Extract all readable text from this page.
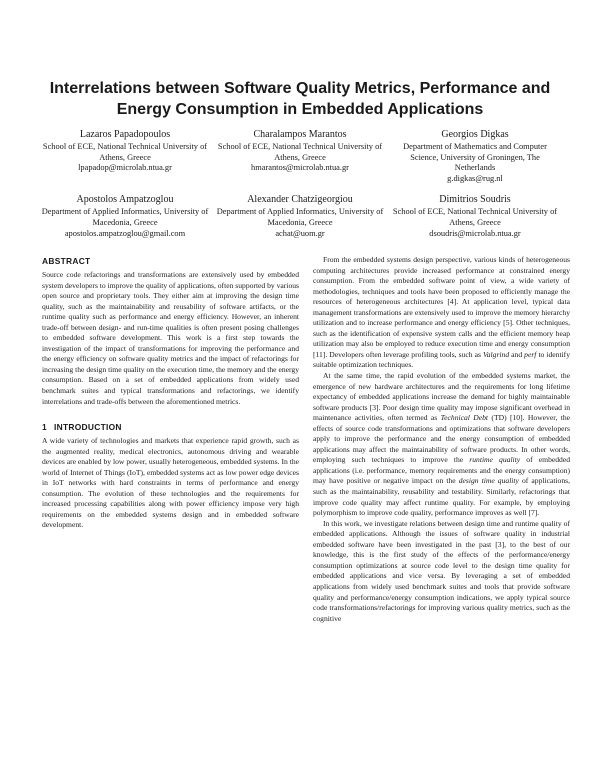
Interrelations between Software Quality Metrics, Performance and Energy Consumption in Embedded Applications
Lazaros Papadopoulos
School of ECE, National Technical University of Athens, Greece
lpapadop@microlab.ntua.gr
Charalampos Marantos
School of ECE, National Technical University of Athens, Greece
hmarantos@microlab.ntua.gr
Georgios Digkas
Department of Mathematics and Computer Science, University of Groningen, The Netherlands
g.digkas@rug.nl
Apostolos Ampatzoglou
Department of Applied Informatics, University of Macedonia, Greece
apostolos.ampatzoglou@gmail.com
Alexander Chatzigeorgiou
Department of Applied Informatics, University of Macedonia, Greece
achat@uom.gr
Dimitrios Soudris
School of ECE, National Technical University of Athens, Greece
dsoudris@microlab.ntua.gr
ABSTRACT

Source code refactorings and transformations are extensively used by embedded system developers to improve the quality of applications, often supported by various open source and proprietary tools. They either aim at improving the design time quality, such as the maintainability and reusability of software artifacts, or the runtime quality such as performance and energy efficiency. However, an inherent trade-off between design- and run-time qualities is often present posing challenges to embedded software development. This work is a first step towards the investigation of the impact of transformations for improving the performance and the energy efficiency on software quality metrics and the impact of refactorings for increasing the design time quality on the execution time, the memory and the energy consumption. Based on a set of embedded applications from widely used benchmark suites and typical transformations and refactorings, we identify interrelations and trade-offs between the aforementioned metrics.

1 INTRODUCTION

A wide variety of technologies and markets that experience rapid growth, such as the augmented reality, medical electronics, autonomous driving and wearable devices are enabled by low power, usually heterogeneous, embedded systems. In the world of Internet of Things (IoT), embedded systems act as low power edge devices in IoT networks with hard constraints in terms of performance and energy consumption. The evolution of these technologies and the requirements for increased processing capabilities along with power efficiency impose very high requirements on the embedded systems design and in embedded software development.

From the embedded systems design perspective, various kinds of heterogeneous computing architectures provide increased performance at constrained energy consumption. From the embedded software point of view, a wide variety of methodologies, techniques and tools have been proposed to efficiently manage the resources of heterogeneous architectures [4]. At application level, typical data management transformations are extensively used to improve the memory hierarchy utilization and to increase performance and energy efficiency [5]. Other techniques, such as the identification of expensive system calls and the efficient memory heap utilization may also be employed to reduce execution time and energy consumption [11]. Developers often leverage profiling tools, such as Valgrind and perf to identify suitable optimization techniques.

At the same time, the rapid evolution of the embedded systems market, the emergence of new hardware architectures and the requirements for long lifetime expectancy of embedded applications increase the demand for highly maintainable software products [3]. Poor design time quality may impose significant overhead in maintenance activities, often termed as Technical Debt (TD) [10]. However, the effects of source code transformations and optimizations that software developers apply to improve the performance and the energy consumption of embedded applications may affect the maintainability of software products. In other words, employing such techniques to improve the runtime quality of embedded applications (i.e. performance, memory requirements and the energy consumption) may have positive or negative impact on the design time quality of applications, such as the maintainability, reusability and testability. Similarly, refactorings that improve code quality may affect runtime quality. For example, by employing polymorphism to improve code quality, performance improves as well [7].

In this work, we investigate relations between design time and runtime quality of embedded applications. Although the issues of software quality in industrial embedded software have been investigated in the past [3], to the best of our knowledge, this is the first study of the effects of the performance/energy consumption optimizations at source code level to the design time quality for embedded applications and vice versa. By leveraging a set of embedded applications from widely used benchmark suites and tools that provide software quality and performance/energy consumption indications, we apply typical source code transformations/refactorings for improving various quality metrics, such as the cognitive
